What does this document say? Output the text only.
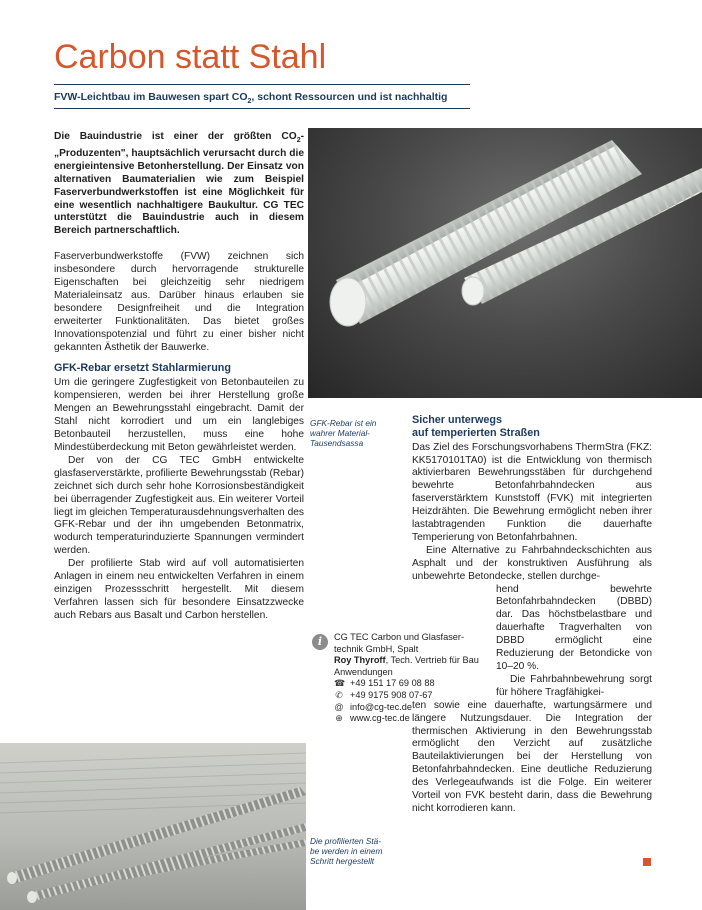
Carbon statt Stahl
FVW-Leichtbau im Bauwesen spart $CO_2$, schont Ressourcen und ist nachhaltig

Die Bauindustrie ist einer der größten $CO_2-„Produzenten$", hauptsächlich verursacht durch die energieintensive Betonherstellung. Der Einsatz von alternativen Baumaterialien wie zum Beispiel Faserverbundwerkstoffen ist eine Möglichkeit für eine wesentlich nachhaltigere Baukultur. CG TEC unterstützt die Bauindustrie auch in diesem Bereich partnerschaftlich.

Faserverbundwerkstoffe (FVW) zeichnen sich insbesondere durch hervorragende strukturelle Eigenschaften bei gleichzeitig sehr niedrigem Materialeinsatz aus. Darüber hinaus erlauben sie besondere Designfreiheit und die Integration erweiterter Funktionalitäten. Das bietet großes Innovationspotenzial und führt zu einer bisher nicht gekannten Ästhetik der Bauwerke.

GFK-Rebar ersetzt Stahlarmierung

Um die geringere Zugfestigkeit von Betonbauteilen zu kompensieren, werden bei ihrer Herstellung große Mengen an Bewehrungsstahl eingebracht. Damit der Stahl nicht korrodiert und um ein langlebiges Betonbauteil herzustellen, muss eine hohe Mindestüberdeckung mit Beton gewährleistet werden.

Der von der CG TEC GmbH entwickelte glasfaserverstärkte, profilierte Bewehrungsstab (Rebar) zeichnet sich durch sehr hohe Korrosionsbeständigkeit bei überragender Zugfestigkeit aus. Ein weiterer Vorteil liegt im gleichen Temperaturausdehnungsverhalten des GFK-Rebar und der ihn umgebenden Betonmatrix, wodurch temperaturinduzierte Spannungen vermindert werden.

Der profilierte Stab wird auf voll automatisierten Anlagen in einem neu entwickelten Verfahren in einem einzigen Prozessschritt hergestellt. Mit diesem Verfahren lassen sich für besondere Einsatzzwecke auch Rebars aus Basalt und Carbon herstellen.

GFK-Rebar ist ein
wahrer Material-
Tausendsassa
Sicher unterwegs
auf temperierten Straßen

Das Ziel des Forschungsvorhabens ThermStra (FKZ: KK5170101TA0) ist die Entwicklung von thermisch aktivierbaren Bewehrungsstäben für durchgehend bewehrte Betonfahrbahndecken aus faserverstärktem Kunststoff (FVK) mit integrierten Heizdrähten. Die Bewehrung ermöglicht neben ihrer lastabtragenden Funktion die dauerhafte Temperierung von Betonfahrbahnen.

Eine Alternative zu Fahrbahndeckschichten aus Asphalt und der konstruktiven Ausführung als unbewehrte Betondecke, stellen durchge-

hend bewehrte Betonfahrbahndecken (DBBD) dar. Das höchstbelastbare und dauerhafte Tragverhalten von DBBD ermöglicht eine Reduzierung der Betondicke von 10–20 %.

Die Fahrbahnbewehrung sorgt für höhere Tragfähigkei-

ten sowie eine dauerhafte, wartungsärmere und längere Nutzungsdauer. Die Integration der thermischen Aktivierung in den Bewehrungsstab ermöglicht den Verzicht auf zusätzliche Bauteilaktivierungen bei der Herstellung von Betonfahrbahndecken. Eine deutliche Reduzierung des Verlegeaufwands ist die Folge. Ein weiterer Vorteil von FVK besteht darin, dass die Bewehrung nicht korrodieren kann.

i	CG TEC Carbon und Glasfaser-
technik GmbH, Spalt
Roy Thyroff, Tech. Vertrieb für Bau Anwendungen
☎ +49 151 17 69 08 88
✆ +49 9175 908 07-67
@ info@cg-tec.de
⊕ www.cg-tec.de
Die profilierten Stä-
be werden in einem
Schritt hergestellt
